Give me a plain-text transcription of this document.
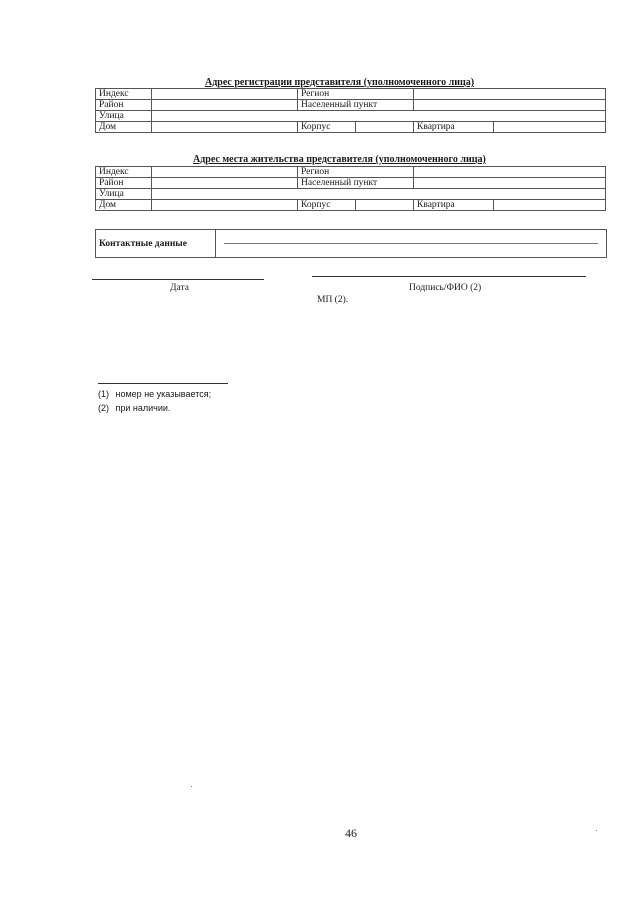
Адрес регистрации представителя (уполномоченного лица)
Индекс		Регион			
Район		Населенный пункт			
Улица					
Дом		Корпус		Квартира	
Адрес места жительства представителя (уполномоченного лица)
Индекс		Регион			
Район		Населенный пункт			
Улица					
Дом		Корпус		Квартира	
Контактные данные
Дата	Подпись/ФИО (2)
МП (2).
(1) номер не указывается;
(2) при наличии.
46
